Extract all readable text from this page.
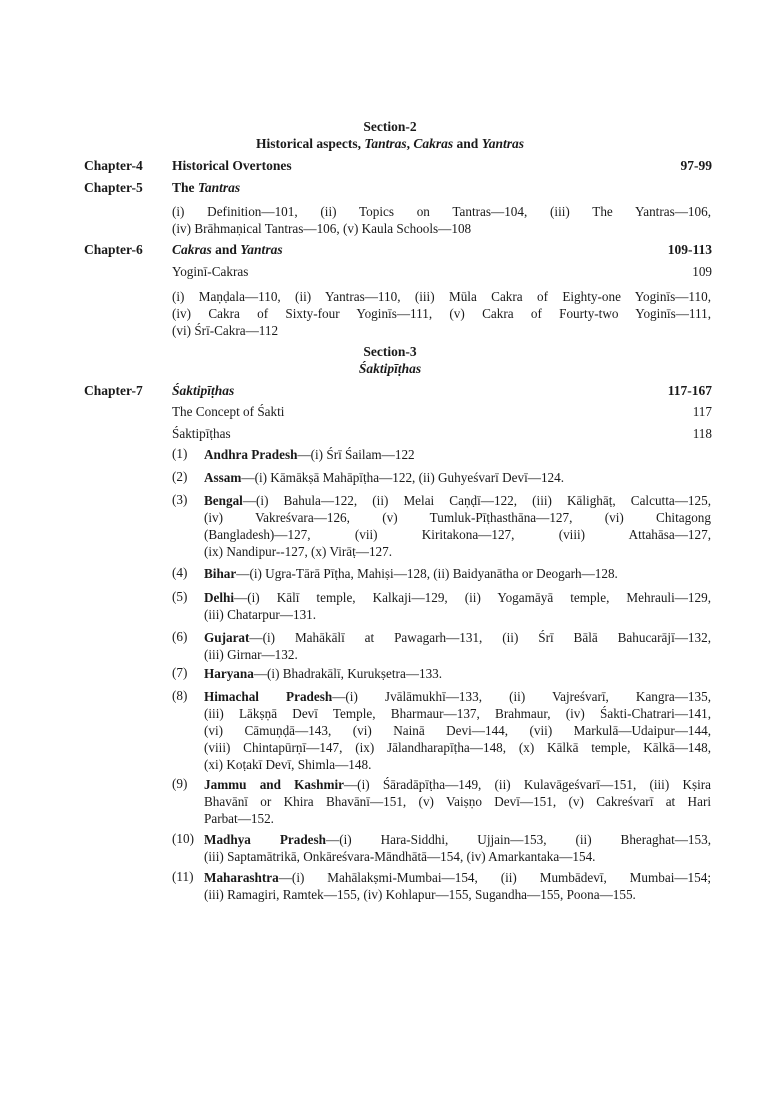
Section-2
Historical aspects, Tantras, Cakras and Yantras
Chapter-4 Historical Overtones	97-99
Chapter-5 The Tantras
(i) Definition—101, (ii) Topics on Tantras—104, (iii) The Yantras—106,
(iv) Brāhmaṇical Tantras—106, (v) Kaula Schools—108
Chapter-6 Cakras and Yantras	109-113
Yoginī-Cakras	109
(i) Maṇḍala—110, (ii) Yantras—110, (iii) Mūla Cakra of Eighty-one Yoginīs—110,
(iv) Cakra of Sixty-four Yoginīs—111, (v) Cakra of Fourty-two Yoginīs—111,
(vi) Śrī-Cakra—112
Section-3
Śaktipīṭhas
Chapter-7 Śaktipīṭhas	117-167
The Concept of Śakti	117
Śaktipīṭhas	118
(1) Andhra Pradesh—(i) Śrī Śailam—122
(2) Assam—(i) Kāmākṣā Mahāpīṭha—122, (ii) Guhyeśvarī Devī—124.
(3) Bengal—(i) Bahula—122, (ii) Melai Caṇḍī—122, (iii) Kālighāṭ, Calcutta—125,
(iv) Vakreśvara—126, (v) Tumluk-Pīṭhasthāna—127, (vi) Chitagong
(Bangladesh)—127, (vii) Kiritakona—127, (viii) Attahāsa—127,
(ix) Nandipur--127, (x) Virāṭ—127.
(4) Bihar—(i) Ugra-Tārā Pīṭha, Mahiṣi—128, (ii) Baidyanātha or Deogarh—128.
(5) Delhi—(i) Kālī temple, Kalkaji—129, (ii) Yogamāyā temple, Mehrauli—129,
(iii) Chatarpur—131.
(6) Gujarat—(i) Mahākālī at Pawagarh—131, (ii) Śrī Bālā Bahucarājī—132,
(iii) Girnar—132.
(7) Haryana—(i) Bhadrakālī, Kurukṣetra—133.
(8) Himachal Pradesh—(i) Jvālāmukhī—133, (ii) Vajreśvarī, Kangra—135,
(iii) Lākṣṇā Devī Temple, Bharmaur—137, Brahmaur, (iv) Śakti-Chatrari—141,
(vi) Cāmuṇḍā—143, (vi) Nainā Devi—144, (vii) Markulā—Udaipur—144,
(viii) Chintapūrṇī—147, (ix) Jālandharapīṭha—148, (x) Kālkā temple, Kālkā—148,
(xi) Koṭakī Devī, Shimla—148.
(9) Jammu and Kashmir—(i) Śāradāpīṭha—149, (ii) Kulavāgeśvarī—151, (iii) Kṣira
Bhavānī or Khira Bhavānī—151, (v) Vaiṣṇo Devī—151, (v) Cakreśvarī at Hari
Parbat—152.
(10) Madhya Pradesh—(i) Hara-Siddhi, Ujjain—153, (ii) Bheraghat—153,
(iii) Saptamātrikā, Onkāreśvara-Māndhātā—154, (iv) Amarkantaka—154.
(11) Maharashtra—(i) Mahālakṣmi-Mumbai—154, (ii) Mumbādevī, Mumbai—154;
(iii) Ramagiri, Ramtek—155, (iv) Kohlapur—155, Sugandha—155, Poona—155.
